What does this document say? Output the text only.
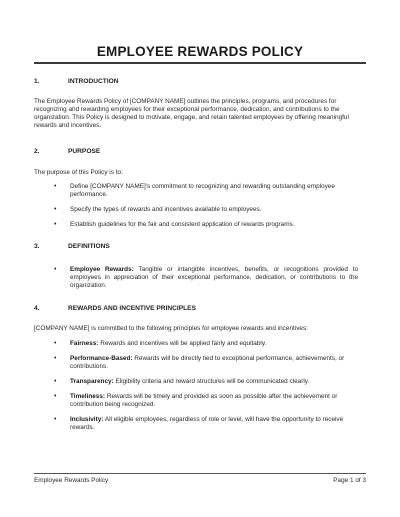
EMPLOYEE REWARDS POLICY
1.	INTRODUCTION
The Employee Rewards Policy of [COMPANY NAME] outlines the principles, programs, and procedures for recognizing and rewarding employees for their exceptional performance, dedication, and contributions to the organization. This Policy is designed to motivate, engage, and retain talented employees by offering meaningful rewards and incentives.
2.	PURPOSE
The purpose of this Policy is to:
• Define [COMPANY NAME]'s commitment to recognizing and rewarding outstanding employee performance.
• Specify the types of rewards and incentives available to employees.
• Establish guidelines for the fair and consistent application of rewards programs.
3.	DEFINITIONS
• Employee Rewards: Tangible or intangible incentives, benefits, or recognitions provided to employees in appreciation of their exceptional performance, dedication, or contributions to the organization.
4.	REWARDS AND INCENTIVE PRINCIPLES
[COMPANY NAME] is committed to the following principles for employee rewards and incentives:
• Fairness: Rewards and incentives will be applied fairly and equitably.
• Performance-Based: Rewards will be directly tied to exceptional performance, achievements, or contributions.
• Transparency: Eligibility criteria and reward structures will be communicated clearly.
• Timeliness: Rewards will be timely and provided as soon as possible after the achievement or contribution being recognized.
• Inclusivity: All eligible employees, regardless of role or level, will have the opportunity to receive rewards.
Employee Rewards Policy	Page 1 of 3
